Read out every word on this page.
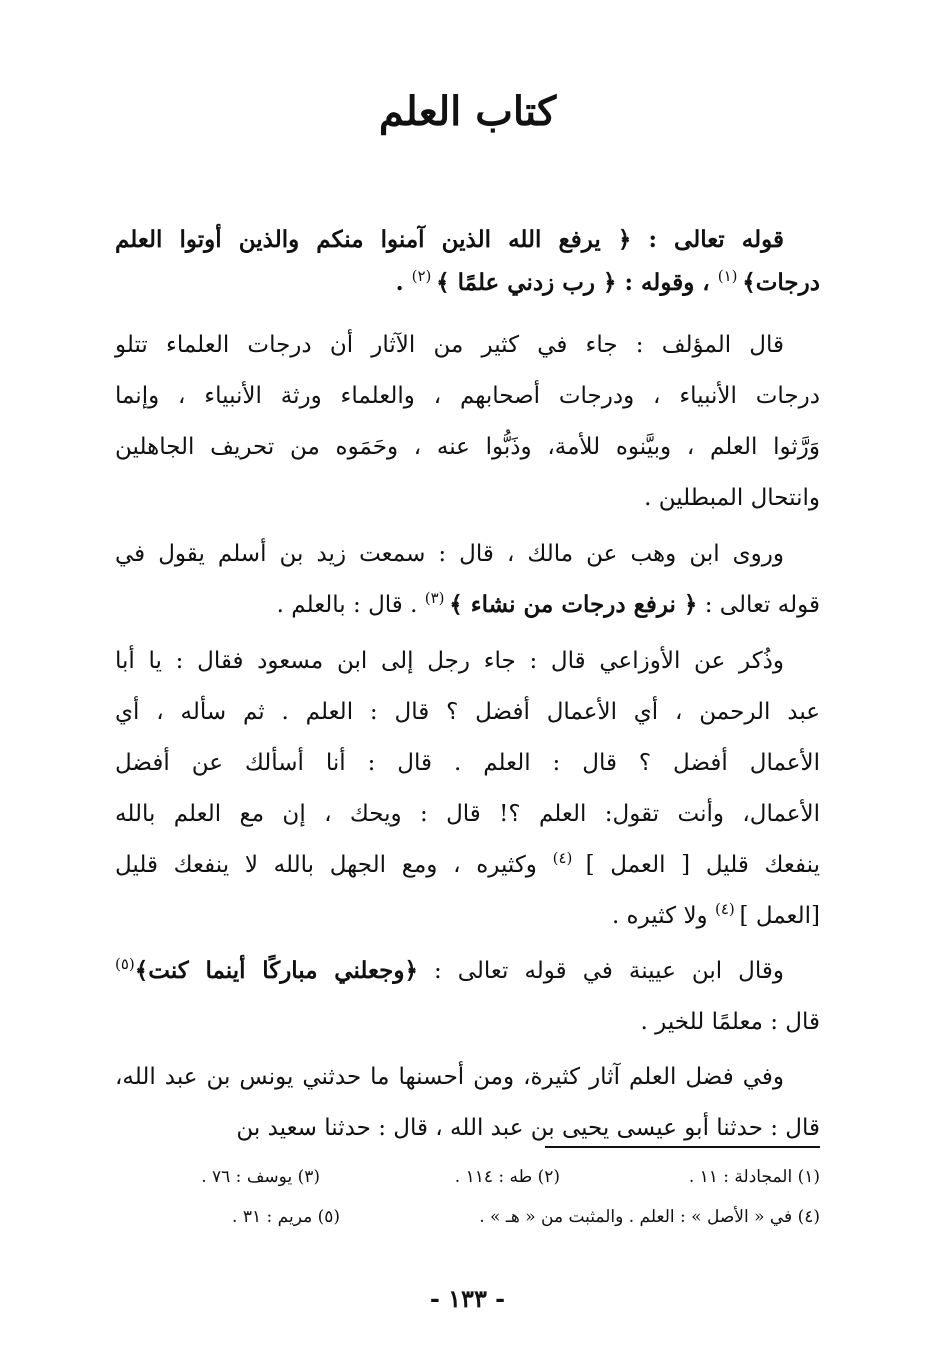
كتاب العلم
قوله تعالى : ﴿ يرفع الله الذين آمنوا منكم والذين أوتوا العلم
درجات﴾ $^{(١)}$ ، وقوله : ﴿ رب زدني علمًا ﴾ $^{(٢)}$ .
قال المؤلف : جاء في كثير من الآثار أن درجات العلماء تتلو
درجات الأنبياء ، ودرجات أصحابهم ، والعلماء ورثة الأنبياء ، وإنما
وَرَّثوا العلم ، وبيَّنوه للأمة، وذَبُّوا عنه ، وحَمَوه من تحريف الجاهلين
وانتحال المبطلين .
وروى ابن وهب عن مالك ، قال : سمعت زيد بن أسلم يقول في
قوله تعالى : ﴿ نرفع درجات من نشاء ﴾ $^{(٣)}$ . قال : بالعلم .
وذُكر عن الأوزاعي قال : جاء رجل إلى ابن مسعود فقال : يا أبا
عبد الرحمن ، أي الأعمال أفضل ؟ قال : العلم . ثم سأله ، أي
الأعمال أفضل ؟ قال : العلم . قال : أنا أسألك عن أفضل
الأعمال، وأنت تقول: العلم ؟! قال : ويحك ، إن مع العلم بالله
ينفعك قليل [ العمل ] $^{(٤)}$ وكثيره ، ومع الجهل بالله لا ينفعك قليل
[العمل ] $^{(٤)}$ ولا كثيره .
وقال ابن عيينة في قوله تعالى : ﴿وجعلني مباركًا أينما كنت﴾$^{(٥)}$
قال : معلمًا للخير .
وفي فضل العلم آثار كثيرة، ومن أحسنها ما حدثني يونس بن عبد الله،
قال : حدثنا أبو عيسى يحيى بن عبد الله ، قال : حدثنا سعيد بن
(١) المجادلة : ١١ .
(٢) طه : ١١٤ .
(٣) يوسف : ٧٦ .
(٤) في « الأصل » : العلم . والمثبت من « هـ » .
(٥) مريم : ٣١ .
- ١٣٣ -
